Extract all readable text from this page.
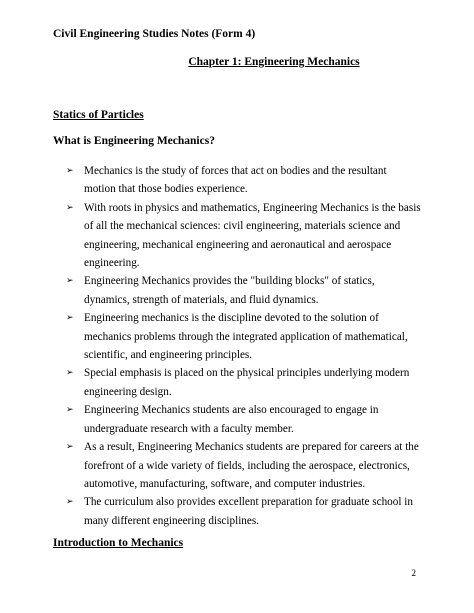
Civil Engineering Studies Notes (Form 4)
Chapter 1: Engineering Mechanics
Statics of Particles
What is Engineering Mechanics?
➢ Mechanics is the study of forces that act on bodies and the resultant motion that those bodies experience.
➢ With roots in physics and mathematics, Engineering Mechanics is the basis of all the mechanical sciences: civil engineering, materials science and engineering, mechanical engineering and aeronautical and aerospace engineering.
➢ Engineering Mechanics provides the "building blocks" of statics, dynamics, strength of materials, and fluid dynamics.
➢ Engineering mechanics is the discipline devoted to the solution of mechanics problems through the integrated application of mathematical, scientific, and engineering principles.
➢ Special emphasis is placed on the physical principles underlying modern engineering design.
➢ Engineering Mechanics students are also encouraged to engage in undergraduate research with a faculty member.
➢ As a result, Engineering Mechanics students are prepared for careers at the forefront of a wide variety of fields, including the aerospace, electronics, automotive, manufacturing, software, and computer industries.
➢ The curriculum also provides excellent preparation for graduate school in many different engineering disciplines.
Introduction to Mechanics
2
